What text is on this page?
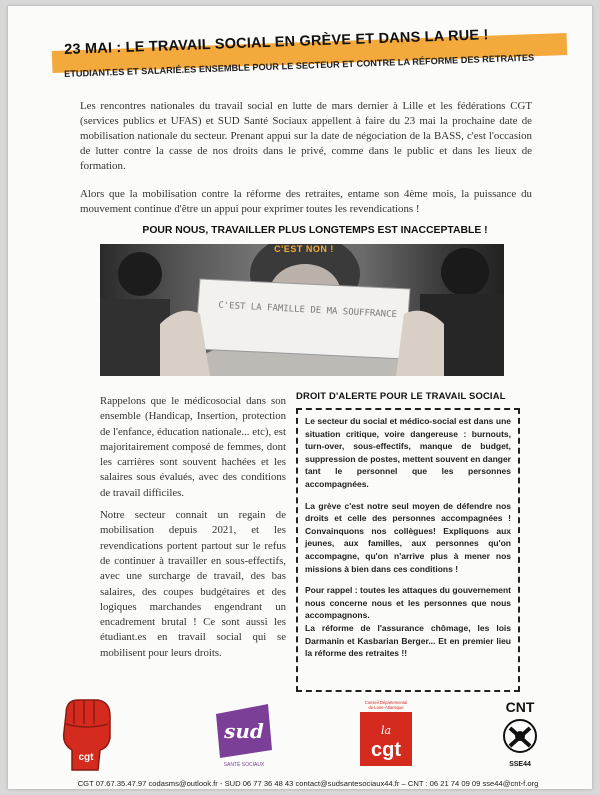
23 MAI : LE TRAVAIL SOCIAL EN GRÈVE ET DANS LA RUE !
ETUDIANT.ES ET SALARIÉ.ES ENSEMBLE POUR LE SECTEUR ET CONTRE LA RÉFORME DES RETRAITES

Les rencontres nationales du travail social en lutte de mars dernier à Lille et les fédérations CGT (services publics et UFAS) et SUD Santé Sociaux appellent à faire du 23 mai la prochaine date de mobilisation nationale du secteur. Prenant appui sur la date de négociation de la BASS, c'est l'occasion de lutter contre la casse de nos droits dans le privé, comme dans le public et dans les lieux de formation.

Alors que la mobilisation contre la réforme des retraites, entame son 4ème mois, la puissance du mouvement continue d'être un appui pour exprimer toutes les revendications !

POUR NOUS, TRAVAILLER PLUS LONGTEMPS EST INACCEPTABLE !
C'EST LA FAMILLE DE MA SOUFFRANCE
C'EST NON !

Rappelons que le médicosocial dans son ensemble (Handicap, Insertion, protection de l'enfance, éducation nationale... etc), est majoritairement composé de femmes, dont les carrières sont souvent hachées et les salaires sous évalués, avec des conditions de travail difficiles.

Notre secteur connait un regain de mobilisation depuis 2021, et les revendications portent partout sur le refus de continuer à travailler en sous-effectifs, avec une surcharge de travail, des bas salaires, des coupes budgétaires et des logiques marchandes engendrant un encadrement brutal ! Ce sont aussi les étudiant.es en travail social qui se mobilisent pour leurs droits.

DROIT D'ALERTE POUR LE TRAVAIL SOCIAL

Le secteur du social et médico-social est dans une situation critique, voire dangereuse : burnouts, turn-over, sous-effectifs, manque de budget, suppression de postes, mettent souvent en danger tant le personnel que les personnes accompagnées.

La grève c'est notre seul moyen de défendre nos droits et celle des personnes accompagnées ! Convainquons nos collègues! Expliquons aux jeunes, aux familles, aux personnes qu'on accompagne, qu'on n'arrive plus à mener nos missions à bien dans ces conditions !

Pour rappel : toutes les attaques du gouvernement nous concerne nous et les personnes que nous accompagnons.

La réforme de l'assurance chômage, les lois Darmanin et Kasbarian Berger... Et en premier lieu la réforme des retraites !!

cgt
sud
SANTÉ SOCIAUX
Conseil Départemental
de Loire-Atlantique
la
cgt
CNT
SSE44
CGT 07.67.35.47.97 codasms@outlook.fr - SUD 06 77 36 48 43 contact@sudsantesociaux44.fr – CNT : 06 21 74 09 09 sse44@cnt-f.org
